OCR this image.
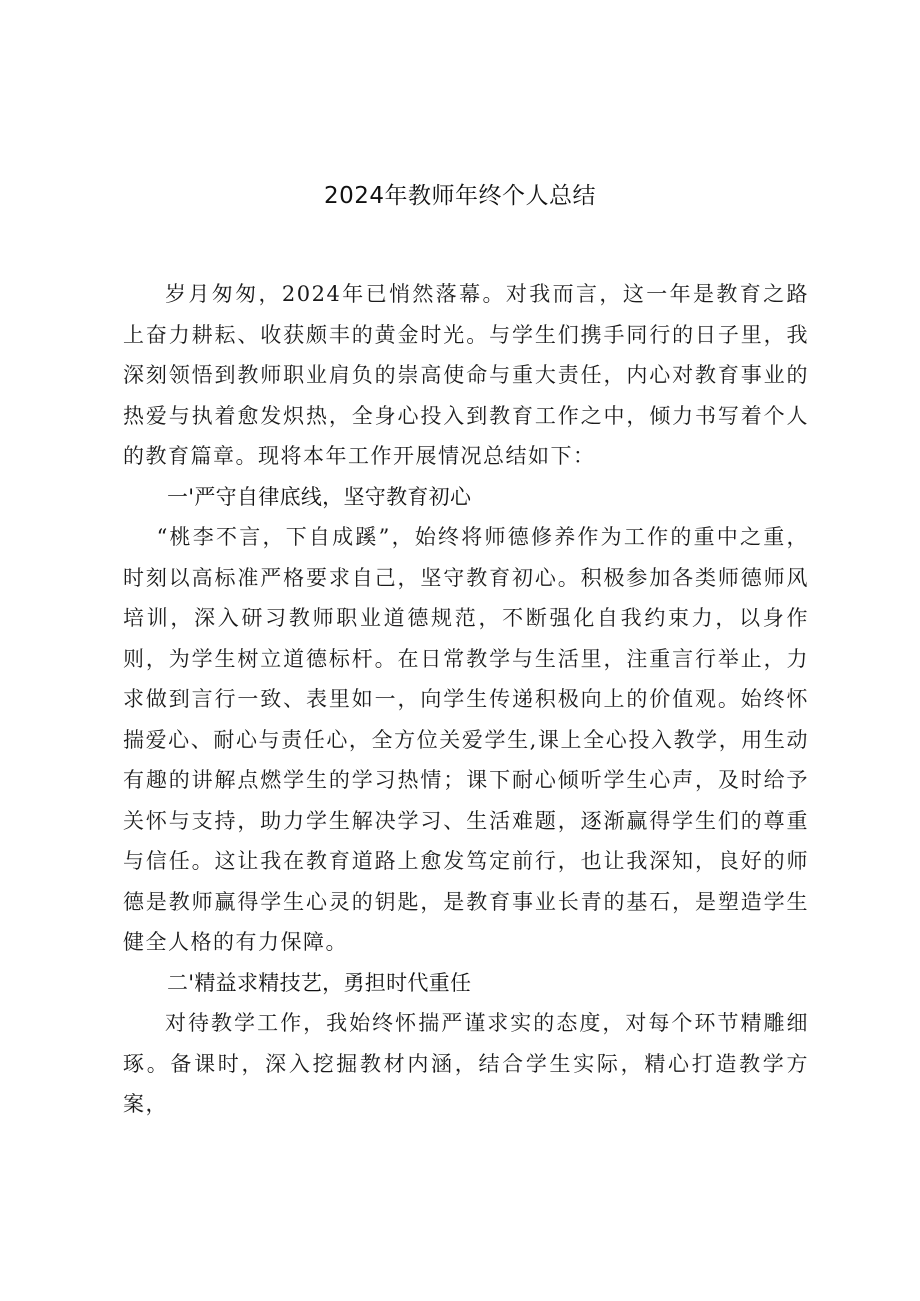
2024年教师年终个人总结

岁月匆匆，2024年已悄然落幕。对我而言，这一年是教育之路上奋力耕耘、收获颇丰的黄金时光。与学生们携手同行的日子里，我深刻领悟到教师职业肩负的崇高使命与重大责任，内心对教育事业的热爱与执着愈发炽热，全身心投入到教育工作之中，倾力书写着个人的教育篇章。现将本年工作开展情况总结如下：

一'严守自律底线，坚守教育初心

“桃李不言，下自成蹊”，始终将师德修养作为工作的重中之重，时刻以高标准严格要求自己，坚守教育初心。积极参加各类师德师风培训，深入研习教师职业道德规范，不断强化自我约束力，以身作则，为学生树立道德标杆。在日常教学与生活里，注重言行举止，力求做到言行一致、表里如一，向学生传递积极向上的价值观。始终怀揣爱心、耐心与责任心，全方位关爱学生,课上全心投入教学，用生动有趣的讲解点燃学生的学习热情；课下耐心倾听学生心声，及时给予关怀与支持，助力学生解决学习、生活难题，逐渐赢得学生们的尊重与信任。这让我在教育道路上愈发笃定前行，也让我深知，良好的师德是教师赢得学生心灵的钥匙，是教育事业长青的基石，是塑造学生健全人格的有力保障。

二'精益求精技艺，勇担时代重任

对待教学工作，我始终怀揣严谨求实的态度，对每个环节精雕细琢。备课时，深入挖掘教材内涵，结合学生实际，精心打造教学方案，
